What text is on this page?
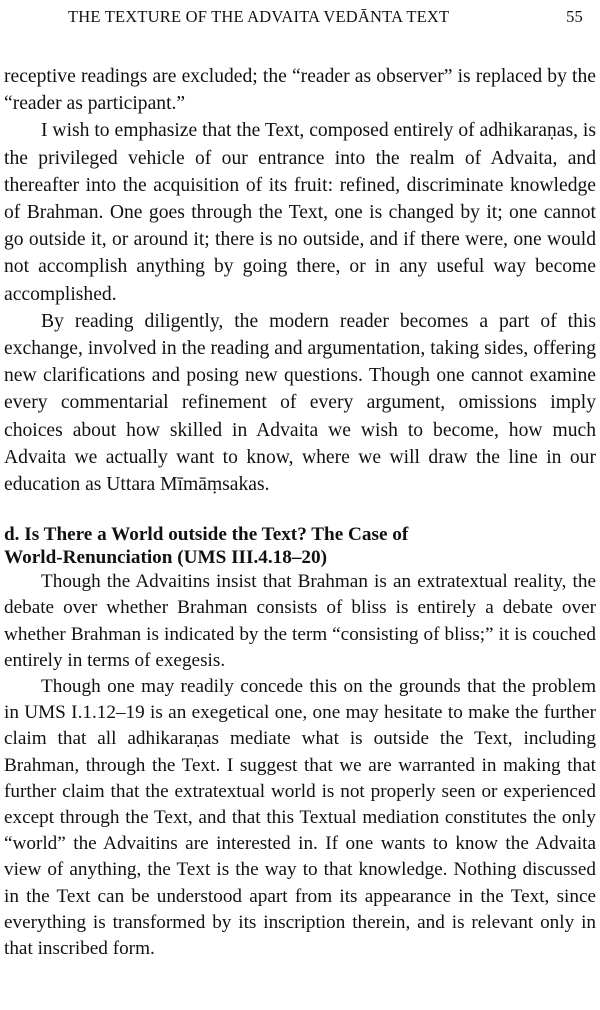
THE TEXTURE OF THE ADVAITA VEDĀNTA TEXT	55

receptive readings are excluded; the “reader as observer” is replaced by the “reader as participant.”

I wish to emphasize that the Text, composed entirely of adhikaraṇas, is the privileged vehicle of our entrance into the realm of Advaita, and thereafter into the acquisition of its fruit: refined, discriminate knowledge of Brahman. One goes through the Text, one is changed by it; one cannot go outside it, or around it; there is no outside, and if there were, one would not accomplish anything by going there, or in any useful way become accomplished.

By reading diligently, the modern reader becomes a part of this exchange, involved in the reading and argumentation, taking sides, offering new clarifications and posing new questions. Though one cannot examine every commentarial refinement of every argument, omissions imply choices about how skilled in Advaita we wish to become, how much Advaita we actually want to know, where we will draw the line in our education as Uttara Mīmāṃsakas.

d. Is There a World outside the Text? The Case of
World-Renunciation (UMS III.4.18–20)

Though the Advaitins insist that Brahman is an extratextual reality, the debate over whether Brahman consists of bliss is entirely a debate over whether Brahman is indicated by the term “consisting of bliss;” it is couched entirely in terms of exegesis.

Though one may readily concede this on the grounds that the problem in UMS I.1.12–19 is an exegetical one, one may hesitate to make the further claim that all adhikaraṇas mediate what is outside the Text, including Brahman, through the Text. I suggest that we are warranted in making that further claim that the extratextual world is not properly seen or experienced except through the Text, and that this Textual mediation constitutes the only “world” the Advaitins are interested in. If one wants to know the Advaita view of anything, the Text is the way to that knowledge. Nothing discussed in the Text can be understood apart from its appearance in the Text, since everything is transformed by its inscription therein, and is relevant only in that inscribed form.
